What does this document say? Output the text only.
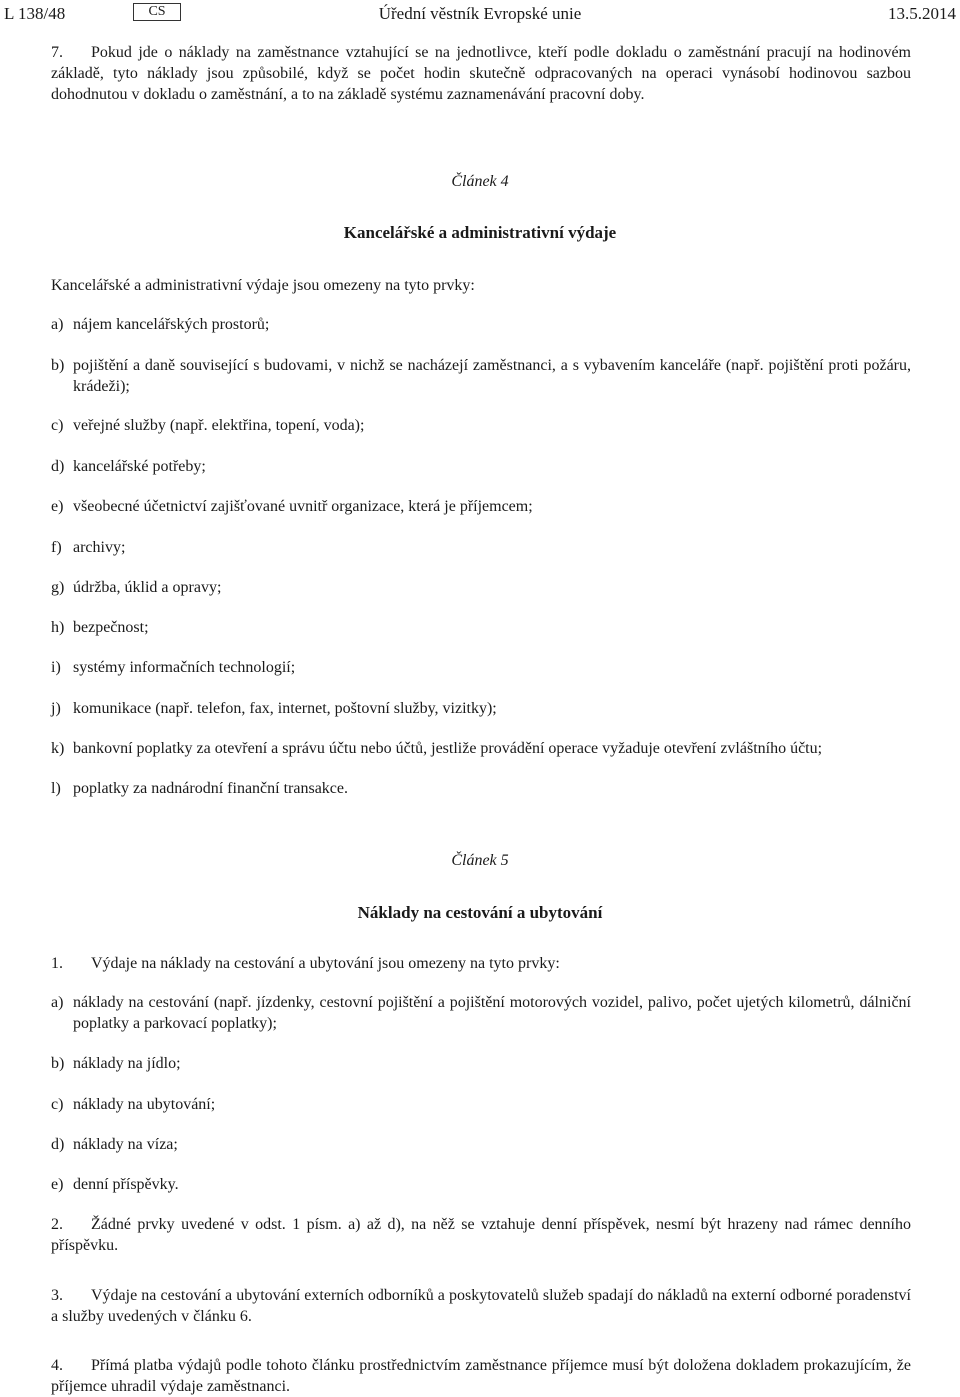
L 138/48	CS	Úřední věstník Evropské unie	13.5.2014
7. Pokud jde o náklady na zaměstnance vztahující se na jednotlivce, kteří podle dokladu o zaměstnání pracují na hodinovém základě, tyto náklady jsou způsobilé, když se počet hodin skutečně odpracovaných na operaci vynásobí hodinovou sazbou dohodnutou v dokladu o zaměstnání, a to na základě systému zaznamenávání pracovní doby.
Článek 4
Kancelářské a administrativní výdaje
Kancelářské a administrativní výdaje jsou omezeny na tyto prvky:
a) nájem kancelářských prostorů;
b) pojištění a daně související s budovami, v nichž se nacházejí zaměstnanci, a s vybavením kanceláře (např. pojištění proti požáru, krádeži);
c) veřejné služby (např. elektřina, topení, voda);
d) kancelářské potřeby;
e) všeobecné účetnictví zajišťované uvnitř organizace, která je příjemcem;
f) archivy;
g) údržba, úklid a opravy;
h) bezpečnost;
i) systémy informačních technologií;
j) komunikace (např. telefon, fax, internet, poštovní služby, vizitky);
k) bankovní poplatky za otevření a správu účtu nebo účtů, jestliže provádění operace vyžaduje otevření zvláštního účtu;
l) poplatky za nadnárodní finanční transakce.
Článek 5
Náklady na cestování a ubytování
1. Výdaje na náklady na cestování a ubytování jsou omezeny na tyto prvky:
a) náklady na cestování (např. jízdenky, cestovní pojištění a pojištění motorových vozidel, palivo, počet ujetých kilometrů, dálniční poplatky a parkovací poplatky);
b) náklady na jídlo;
c) náklady na ubytování;
d) náklady na víza;
e) denní příspěvky.
2. Žádné prvky uvedené v odst. 1 písm. a) až d), na něž se vztahuje denní příspěvek, nesmí být hrazeny nad rámec denního příspěvku.
3. Výdaje na cestování a ubytování externích odborníků a poskytovatelů služeb spadají do nákladů na externí odborné poradenství a služby uvedených v článku 6.
4. Přímá platba výdajů podle tohoto článku prostřednictvím zaměstnance příjemce musí být doložena dokladem prokazujícím, že příjemce uhradil výdaje zaměstnanci.
